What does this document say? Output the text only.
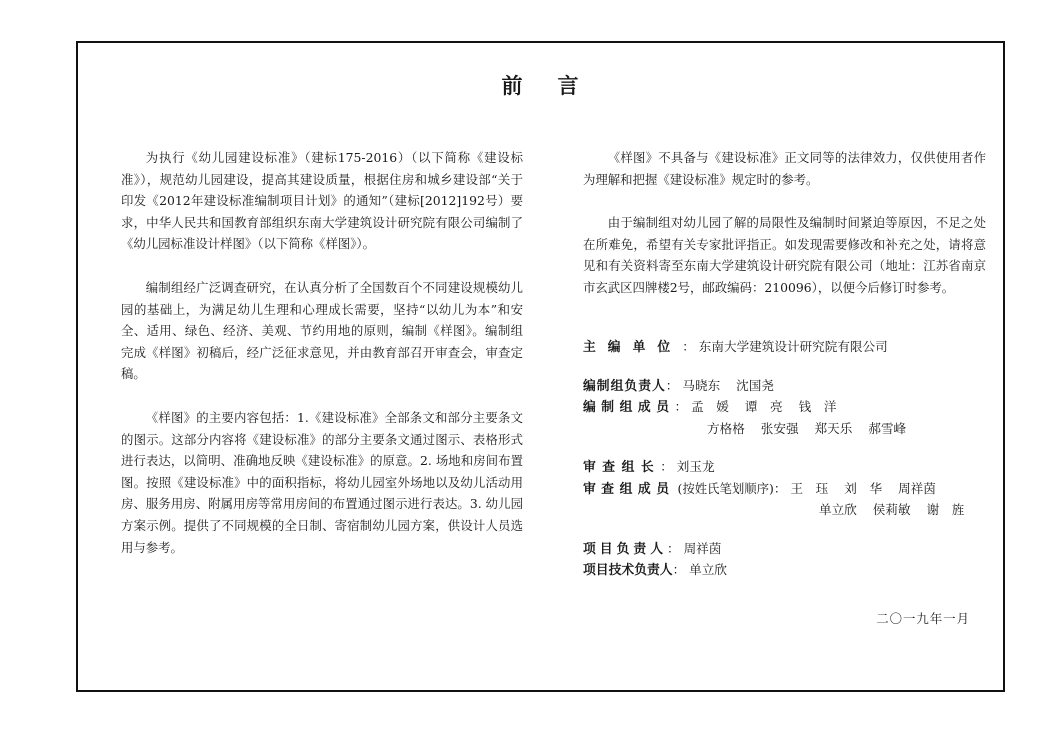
前 言

为执行《幼儿园建设标准》（建标175-2016）（以下简称《建设标准》），规范幼儿园建设，提高其建设质量，根据住房和城乡建设部“关于印发《2012年建设标准编制项目计划》的通知”（建标[2012]192号）要求，中华人民共和国教育部组织东南大学建筑设计研究院有限公司编制了《幼儿园标准设计样图》（以下简称《样图》）。

编制组经广泛调查研究，在认真分析了全国数百个不同建设规模幼儿园的基础上，为满足幼儿生理和心理成长需要，坚持“以幼儿为本”和安全、适用、绿色、经济、美观、节约用地的原则，编制《样图》。编制组完成《样图》初稿后，经广泛征求意见，并由教育部召开审查会，审查定稿。

《样图》的主要内容包括：1.《建设标准》全部条文和部分主要条文的图示。这部分内容将《建设标准》的部分主要条文通过图示、表格形式进行表达，以简明、准确地反映《建设标准》的原意。2. 场地和房间布置图。按照《建设标准》中的面积指标，将幼儿园室外场地以及幼儿活动用房、服务用房、附属用房等常用房间的布置通过图示进行表达。3. 幼儿园方案示例。提供了不同规模的全日制、寄宿制幼儿园方案，供设计人员选用与参考。

《样图》不具备与《建设标准》正文同等的法律效力，仅供使用者作为理解和把握《建设标准》规定时的参考。

由于编制组对幼儿园了解的局限性及编制时间紧迫等原因，不足之处在所难免，希望有关专家批评指正。如发现需要修改和补充之处，请将意见和有关资料寄至东南大学建筑设计研究院有限公司（地址：江苏省南京市玄武区四牌楼2号，邮政编码：210096），以便今后修订时参考。

主编单位 ： 东南大学建筑设计研究院有限公司
编制组负责人 ： 马晓东 沈国尧
编制组成员 ： 孟　媛 谭　亮 钱　洋
方格格 张安强 郑天乐 郝雪峰
审查组长 ： 刘玉龙
审查组成员 (按姓氏笔划顺序) ： 王　珏 刘　华 周祥茵
单立欣 侯莉敏 谢　旌
项目负责人 ： 周祥茵
项目技术负责人 ： 单立欣
二〇一九年一月
